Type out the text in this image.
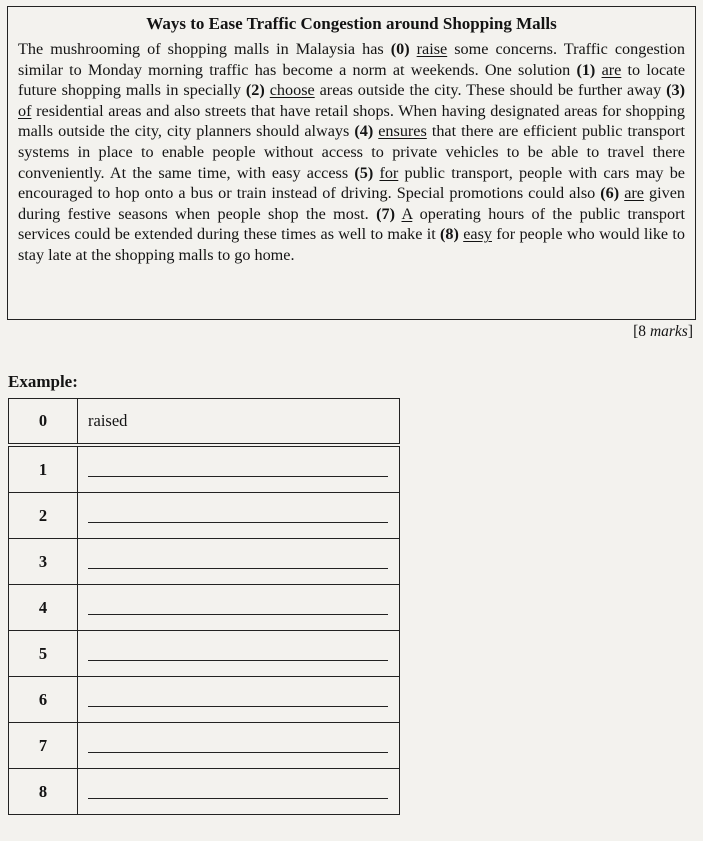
Ways to Ease Traffic Congestion around Shopping Malls
The mushrooming of shopping malls in Malaysia has (0) raise some concerns. Traffic congestion similar to Monday morning traffic has become a norm at weekends. One solution (1) are to locate future shopping malls in specially (2) choose areas outside the city. These should be further away (3) of residential areas and also streets that have retail shops. When having designated areas for shopping malls outside the city, city planners should always (4) ensures that there are efficient public transport systems in place to enable people without access to private vehicles to be able to travel there conveniently. At the same time, with easy access (5) for public transport, people with cars may be encouraged to hop onto a bus or train instead of driving. Special promotions could also (6) are given during festive seasons when people shop the most. (7) A operating hours of the public transport services could be extended during these times as well to make it (8) easy for people who would like to stay late at the shopping malls to go home.
[8 marks]
Example:
0	raised
1	

2	

3	

4	

5	

6	

7	

8	
